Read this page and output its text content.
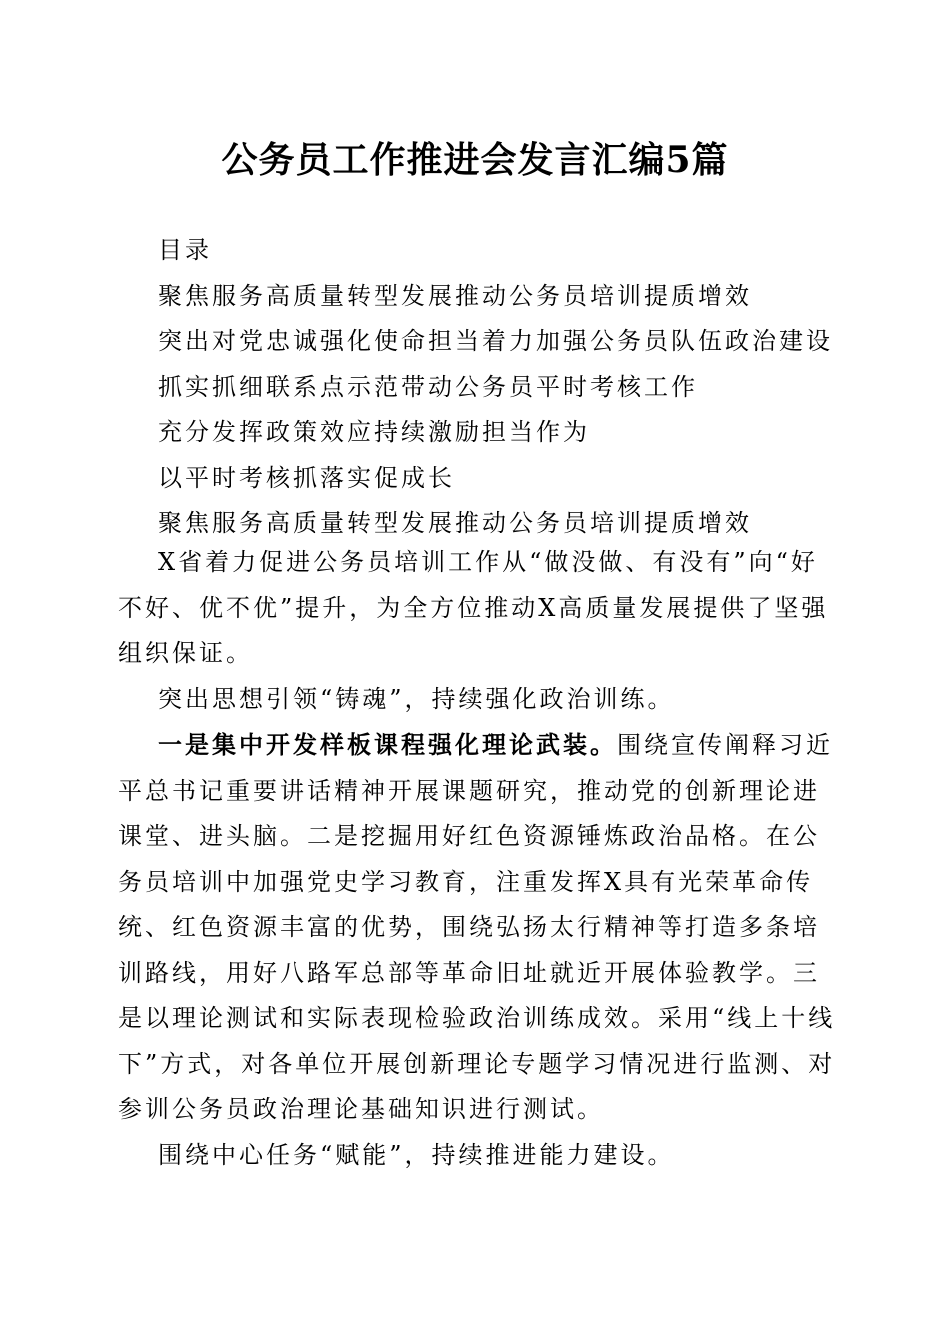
公务员工作推进会发言汇编5篇
目录
聚焦服务高质量转型发展推动公务员培训提质增效
突出对党忠诚强化使命担当着力加强公务员队伍政治建设
抓实抓细联系点示范带动公务员平时考核工作
充分发挥政策效应持续激励担当作为
以平时考核抓落实促成长
聚焦服务高质量转型发展推动公务员培训提质增效

X省着力促进公务员培训工作从“做没做、有没有”向“好不好、优不优”提升，为全方位推动X高质量发展提供了坚强组织保证。

突出思想引领“铸魂”，持续强化政治训练。

一是集中开发样板课程强化理论武装。围绕宣传阐释习近平总书记重要讲话精神开展课题研究，推动党的创新理论进课堂、进头脑。二是挖掘用好红色资源锤炼政治品格。在公务员培训中加强党史学习教育，注重发挥X具有光荣革命传统、红色资源丰富的优势，围绕弘扬太行精神等打造多条培训路线，用好八路军总部等革命旧址就近开展体验教学。三是以理论测试和实际表现检验政治训练成效。采用“线上十线下”方式，对各单位开展创新理论专题学习情况进行监测、对参训公务员政治理论基础知识进行测试。

围绕中心任务“赋能”，持续推进能力建设。
